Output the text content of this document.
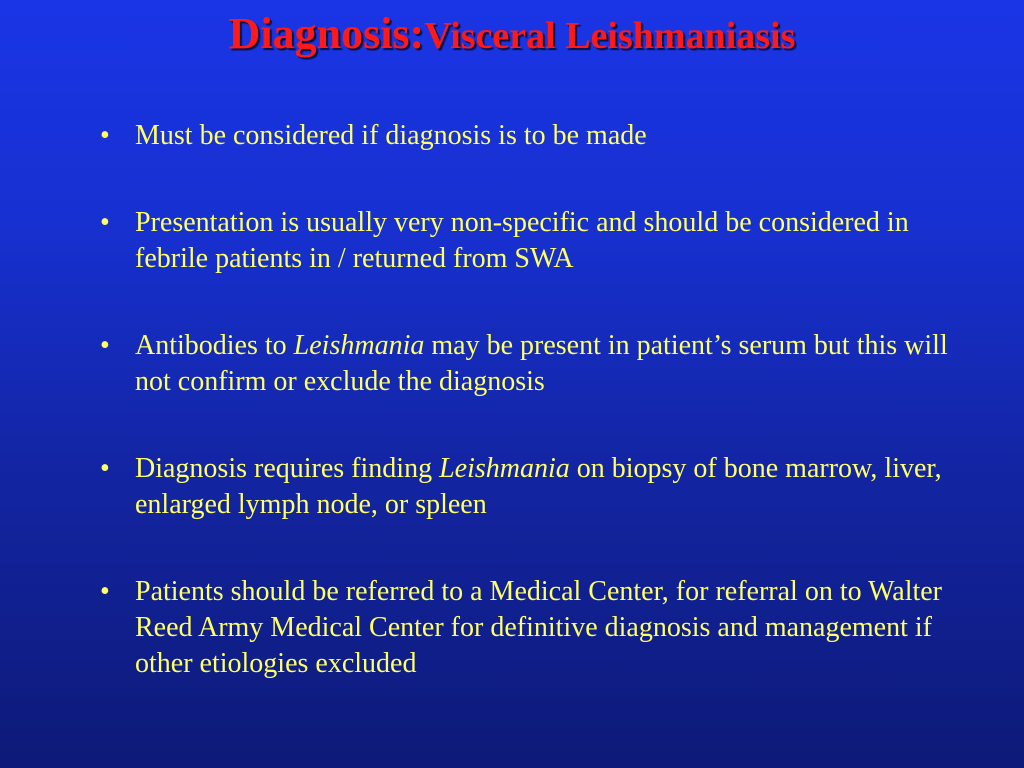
Diagnosis:Visceral Leishmaniasis
• Must be considered if diagnosis is to be made
• Presentation is usually very non-specific and should be considered in febrile patients in / returned from SWA
• Antibodies to Leishmania may be present in patient’s serum but this will not confirm or exclude the diagnosis
• Diagnosis requires finding Leishmania on biopsy of bone marrow, liver, enlarged lymph node, or spleen
• Patients should be referred to a Medical Center, for referral on to Walter Reed Army Medical Center for definitive diagnosis and management if other etiologies excluded
